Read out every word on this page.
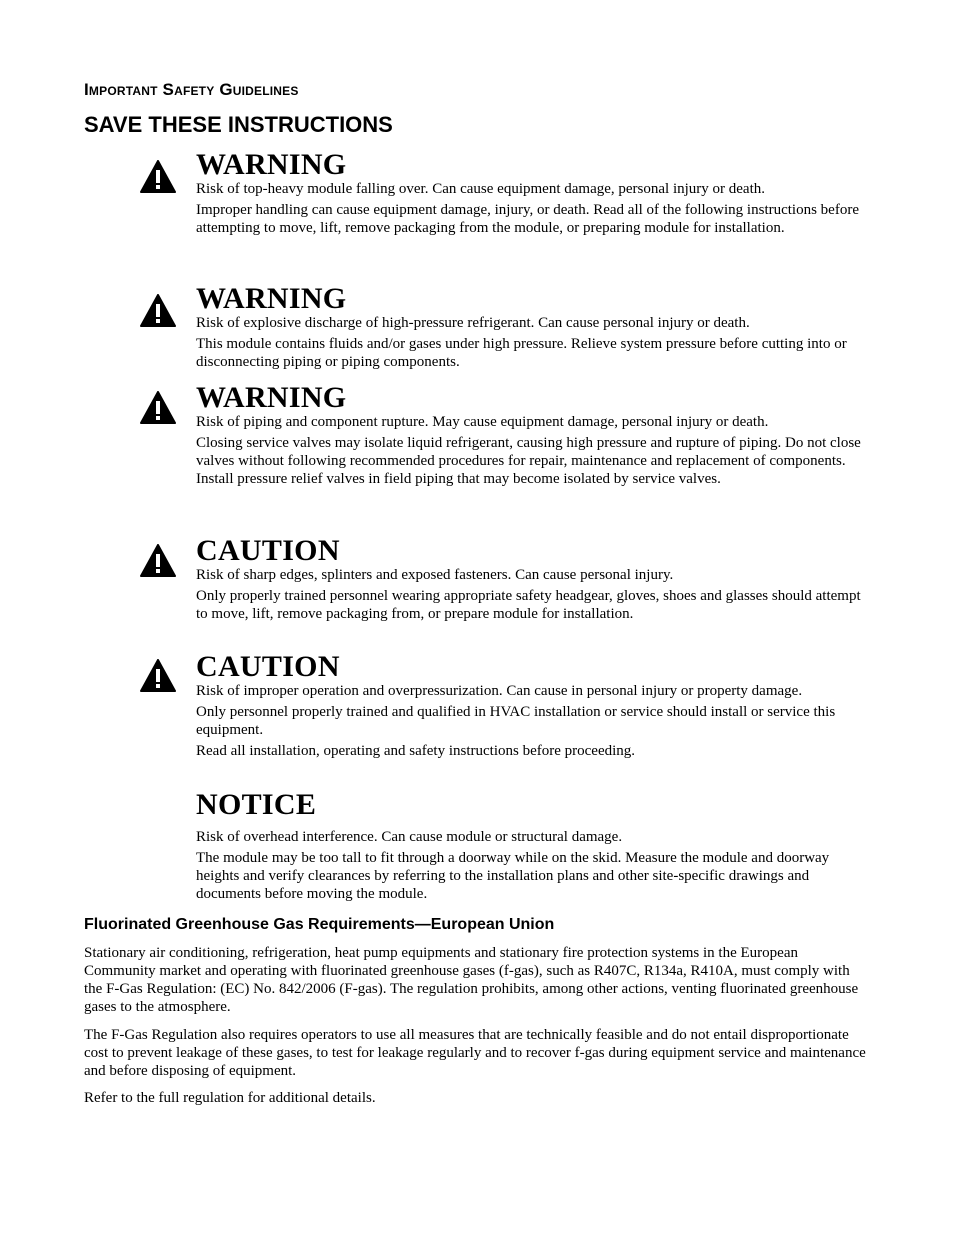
Important Safety Guidelines
SAVE THESE INSTRUCTIONS
WARNING

Risk of top-heavy module falling over. Can cause equipment damage, personal injury or death.

Improper handling can cause equipment damage, injury, or death. Read all of the following instructions before attempting to move, lift, remove packaging from the module, or preparing module for installation.

WARNING

Risk of explosive discharge of high-pressure refrigerant. Can cause personal injury or death.

This module contains fluids and/or gases under high pressure. Relieve system pressure before cutting into or disconnecting piping or piping components.

WARNING

Risk of piping and component rupture. May cause equipment damage, personal injury or death.

Closing service valves may isolate liquid refrigerant, causing high pressure and rupture of piping. Do not close valves without following recommended procedures for repair, maintenance and replacement of components. Install pressure relief valves in field piping that may become isolated by service valves.

CAUTION

Risk of sharp edges, splinters and exposed fasteners. Can cause personal injury.

Only properly trained personnel wearing appropriate safety headgear, gloves, shoes and glasses should attempt to move, lift, remove packaging from, or prepare module for installation.

CAUTION

Risk of improper operation and overpressurization. Can cause in personal injury or property damage.

Only personnel properly trained and qualified in HVAC installation or service should install or service this equipment.

Read all installation, operating and safety instructions before proceeding.

NOTICE

Risk of overhead interference. Can cause module or structural damage.

The module may be too tall to fit through a doorway while on the skid. Measure the module and doorway heights and verify clearances by referring to the installation plans and other site-specific drawings and documents before moving the module.

Fluorinated Greenhouse Gas Requirements—European Union

Stationary air conditioning, refrigeration, heat pump equipments and stationary fire protection systems in the European Community market and operating with fluorinated greenhouse gases (f-gas), such as R407C, R134a, R410A, must comply with the F-Gas Regulation: (EC) No. 842/2006 (F-gas). The regulation prohibits, among other actions, venting fluorinated greenhouse gases to the atmosphere.

The F-Gas Regulation also requires operators to use all measures that are technically feasible and do not entail disproportionate cost to prevent leakage of these gases, to test for leakage regularly and to recover f-gas during equipment service and maintenance and before disposing of equipment.

Refer to the full regulation for additional details.
